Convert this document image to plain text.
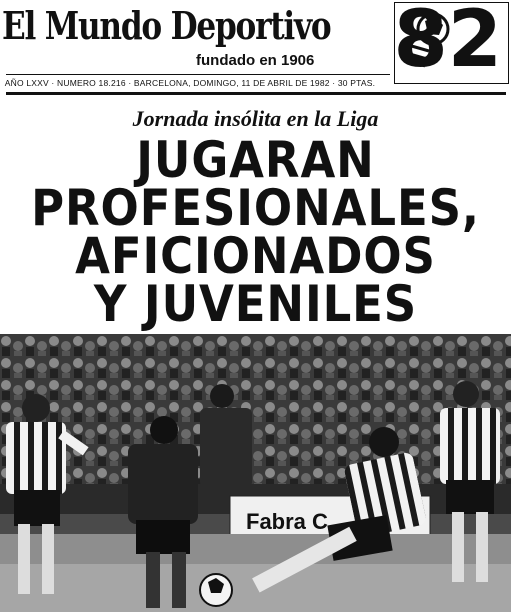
El Mundo Deportivo
fundado en 1906 82
AÑO LXXV · NUMERO 18.216 · BARCELONA, DOMINGO, 11 DE ABRIL DE 1982 · 30 PTAS.
Jornada insólita en la Liga
JUGARAN
PROFESIONALES,
AFICIONADOS
Y JUVENILES
Fabra C
